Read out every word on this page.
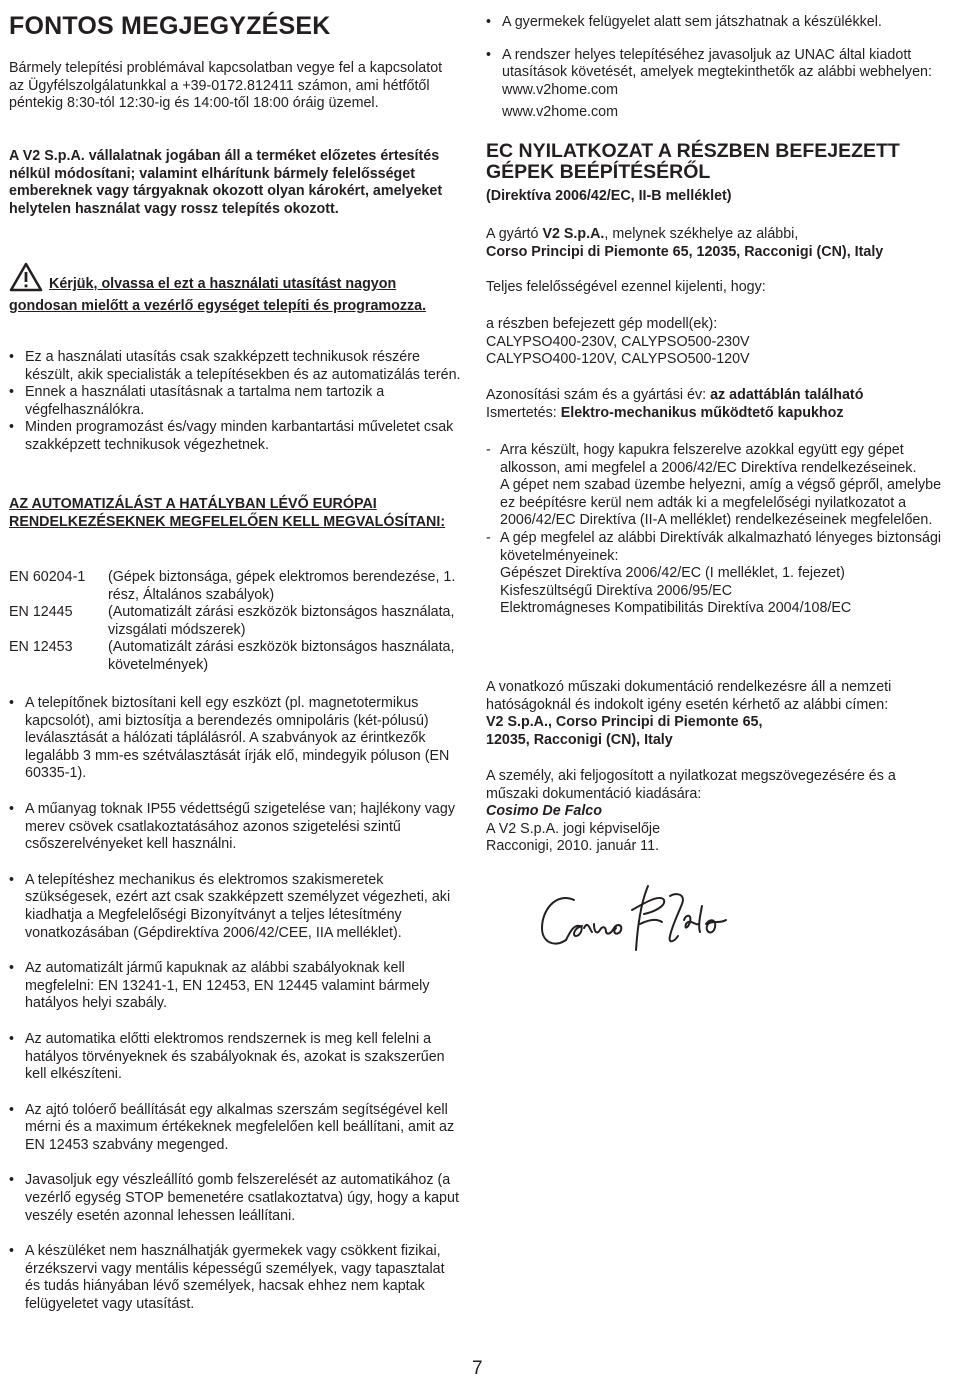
FONTOS MEGJEGYZÉSEK

Bármely telepítési problémával kapcsolatban vegye fel a kapcsolatot az Ügyfélszolgálatunkkal a +39-0172.812411 számon, ami hétfőtől péntekig 8:30-tól 12:30-ig és 14:00-től 18:00 óráig üzemel.

A V2 S.p.A. vállalatnak jogában áll a terméket előzetes értesítés nélkül módosítani; valamint elhárítunk bármely felelősséget embereknek vagy tárgyaknak okozott olyan károkért, amelyeket helytelen használat vagy rossz telepítés okozott.

Kérjük, olvassa el ezt a használati utasítást nagyon gondosan mielőtt a vezérlő egységet telepíti és programozza.
• Ez a használati utasítás csak szakképzett technikusok részére készült, akik specialisták a telepítésekben és az automatizálás terén.
• Ennek a használati utasításnak a tartalma nem tartozik a végfelhasználókra.
• Minden programozást és/vagy minden karbantartási műveletet csak szakképzett technikusok végezhetnek.

AZ AUTOMATIZÁLÁST A HATÁLYBAN LÉVŐ EURÓPAI RENDELKEZÉSEKNEK MEGFELELŐEN KELL MEGVALÓSÍTANI:

EN 60204-1	(Gépek biztonsága, gépek elektromos berendezése, 1. rész, Általános szabályok)
EN 12445	(Automatizált zárási eszközök biztonságos használata, vizsgálati módszerek)
EN 12453	(Automatizált zárási eszközök biztonságos használata, követelmények)
• A telepítőnek biztosítani kell egy eszközt (pl. magnetotermikus kapcsolót), ami biztosítja a berendezés omnipoláris (két-pólusú) leválasztását a hálózati táplálásról. A szabványok az érintkezők legalább 3 mm-es szétválasztását írják elő, mindegyik póluson (EN 60335-1).
• A műanyag toknak IP55 védettségű szigetelése van; hajlékony vagy merev csövek csatlakoztatásához azonos szigetelési szintű csőszerelvényeket kell használni.
• A telepítéshez mechanikus és elektromos szakismeretek szükségesek, ezért azt csak szakképzett személyzet végezheti, aki kiadhatja a Megfelelőségi Bizonyítványt a teljes létesítmény vonatkozásában (Gépdirektíva 2006/42/CEE, IIA melléklet).
• Az automatizált jármű kapuknak az alábbi szabályoknak kell megfelelni: EN 13241-1, EN 12453, EN 12445 valamint bármely hatályos helyi szabály.
• Az automatika előtti elektromos rendszernek is meg kell felelni a hatályos törvényeknek és szabályoknak és, azokat is szakszerűen kell elkészíteni.
• Az ajtó tolóerő beállítását egy alkalmas szerszám segítségével kell mérni és a maximum értékeknek megfelelően kell beállítani, amit az EN 12453 szabvány megenged.
• Javasoljuk egy vészleállító gomb felszerelését az automatikához (a vezérlő egység STOP bemenetére csatlakoztatva) úgy, hogy a kaput veszély esetén azonnal lehessen leállítani.
• A készüléket nem használhatják gyermekek vagy csökkent fizikai, érzékszervi vagy mentális képességű személyek, vagy tapasztalat és tudás hiányában lévő személyek, hacsak ehhez nem kaptak felügyeletet vagy utasítást.
• A gyermekek felügyelet alatt sem játszhatnak a készülékkel.
• A rendszer helyes telepítéséhez javasoljuk az UNAC által kiadott utasítások követését, amelyek megtekinthetők az alábbi webhelyen: www.v2home.com

www.v2home.com

EC NYILATKOZAT A RÉSZBEN BEFEJEZETT GÉPEK BEÉPÍTÉSÉRŐL

(Direktíva 2006/42/EC, II-B melléklet)

A gyártó V2 S.p.A., melynek székhelye az alábbi,
Corso Principi di Piemonte 65, 12035, Racconigi (CN), Italy

Teljes felelősségével ezennel kijelenti, hogy:

a részben befejezett gép modell(ek):
CALYPSO400-230V, CALYPSO500-230V
CALYPSO400-120V, CALYPSO500-120V
Azonosítási szám és a gyártási év: az adattáblán található
Ismertetés: Elektro-mechanikus működtető kapukhoz
- Arra készült, hogy kapukra felszerelve azokkal együtt egy gépet alkosson, ami megfelel a 2006/42/EC Direktíva rendelkezéseinek.
A gépet nem szabad üzembe helyezni, amíg a végső gépről, amelybe ez beépítésre kerül nem adták ki a megfelelőségi nyilatkozatot a 2006/42/EC Direktíva (II-A melléklet) rendelkezéseinek megfelelően.
- A gép megfelel az alábbi Direktívák alkalmazható lényeges biztonsági követelményeinek:
Gépészet Direktíva 2006/42/EC (I melléklet, 1. fejezet)
Kisfeszültségű Direktíva 2006/95/EC
Elektromágneses Kompatibilitás Direktíva 2004/108/EC
A vonatkozó műszaki dokumentáció rendelkezésre áll a nemzeti hatóságoknál és indokolt igény esetén kérhető az alábbi címen:
V2 S.p.A., Corso Principi di Piemonte 65,
12035, Racconigi (CN), Italy
A személy, aki feljogosított a nyilatkozat megszövegezésére és a műszaki dokumentáció kiadására:
Cosimo De Falco
A V2 S.p.A. jogi képviselője
Racconigi, 2010. január 11.
7
